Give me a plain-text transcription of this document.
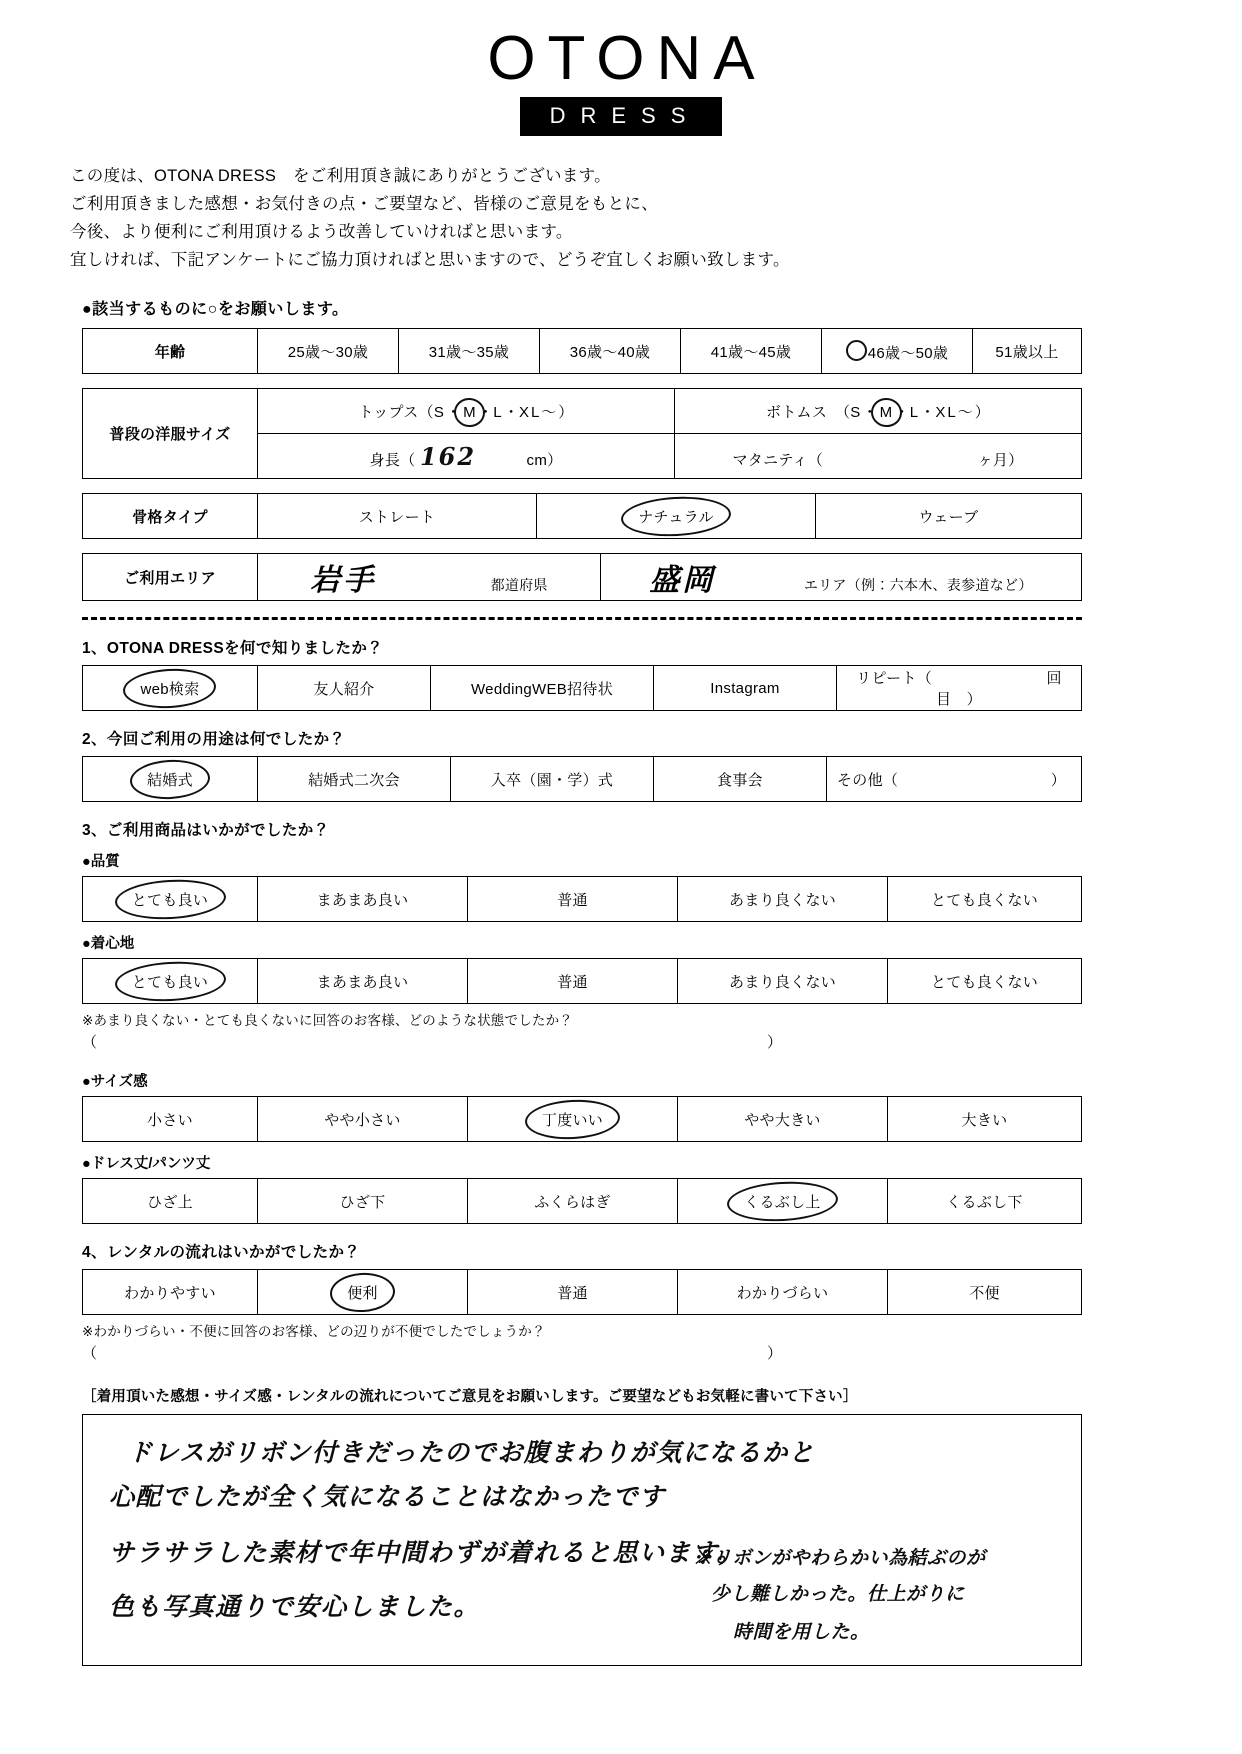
OTONA
DRESS
この度は、OTONA DRESS　をご利用頂き誠にありがとうございます。
ご利用頂きました感想・お気付きの点・ご要望など、皆様のご意見をもとに、
今後、より便利にご利用頂けるよう改善していければと思います。
宜しければ、下記アンケートにご協力頂ければと思いますので、どうぞ宜しくお願い致します。
●該当するものに○をお願いします。
年齢	25歳〜30歳	31歳〜35歳	36歳〜40歳	41歳〜45歳	46歳〜50歳	51歳以上
普段の洋服サイズ	トップス（S・ M ・L・XL〜）	ボトムス　（S・ M ・L・XL〜）
	身長（ 162 cm）	マタニティ（ ヶ月）
骨格タイプ	ストレート	ナチュラル	ウェーブ
ご利用エリア	岩手	都道府県	盛岡	エリア（例：六本木、表参道など）
1、OTONA DRESSを何で知りましたか？
web検索	友人紹介	WeddingWEB招待状	Instagram	リピート（	回目　）
2、今回ご利用の用途は何でしたか？
結婚式	結婚式二次会	入卒（園・学）式	食事会	その他（	）
3、ご利用商品はいかがでしたか？
●品質
とても良い	まあまあ良い	普通	あまり良くない	とても良くない
●着心地
とても良い	まあまあ良い	普通	あまり良くない	とても良くない
※あまり良くない・とても良くないに回答のお客様、どのような状態でしたか？
（	）
●サイズ感
小さい	やや小さい	丁度いい	やや大きい	大きい
●ドレス丈/パンツ丈
ひざ上	ひざ下	ふくらはぎ	くるぶし上	くるぶし下
4、レンタルの流れはいかがでしたか？
わかりやすい	便利	普通	わかりづらい	不便
※わかりづらい・不便に回答のお客様、どの辺りが不便でしたでしょうか？
（	）
［着用頂いた感想・サイズ感・レンタルの流れについてご意見をお願いします。ご要望などもお気軽に書いて下さい］
ドレスがリボン付きだったのでお腹まわりが気になるかと
心配でしたが全く気になることはなかったです
サラサラした素材で年中間わずが着れると思います。
色も写真通りで安心しました。
※リボンがやわらかい為結ぶのが
少し難しかった。仕上がりに
時間を用した。
